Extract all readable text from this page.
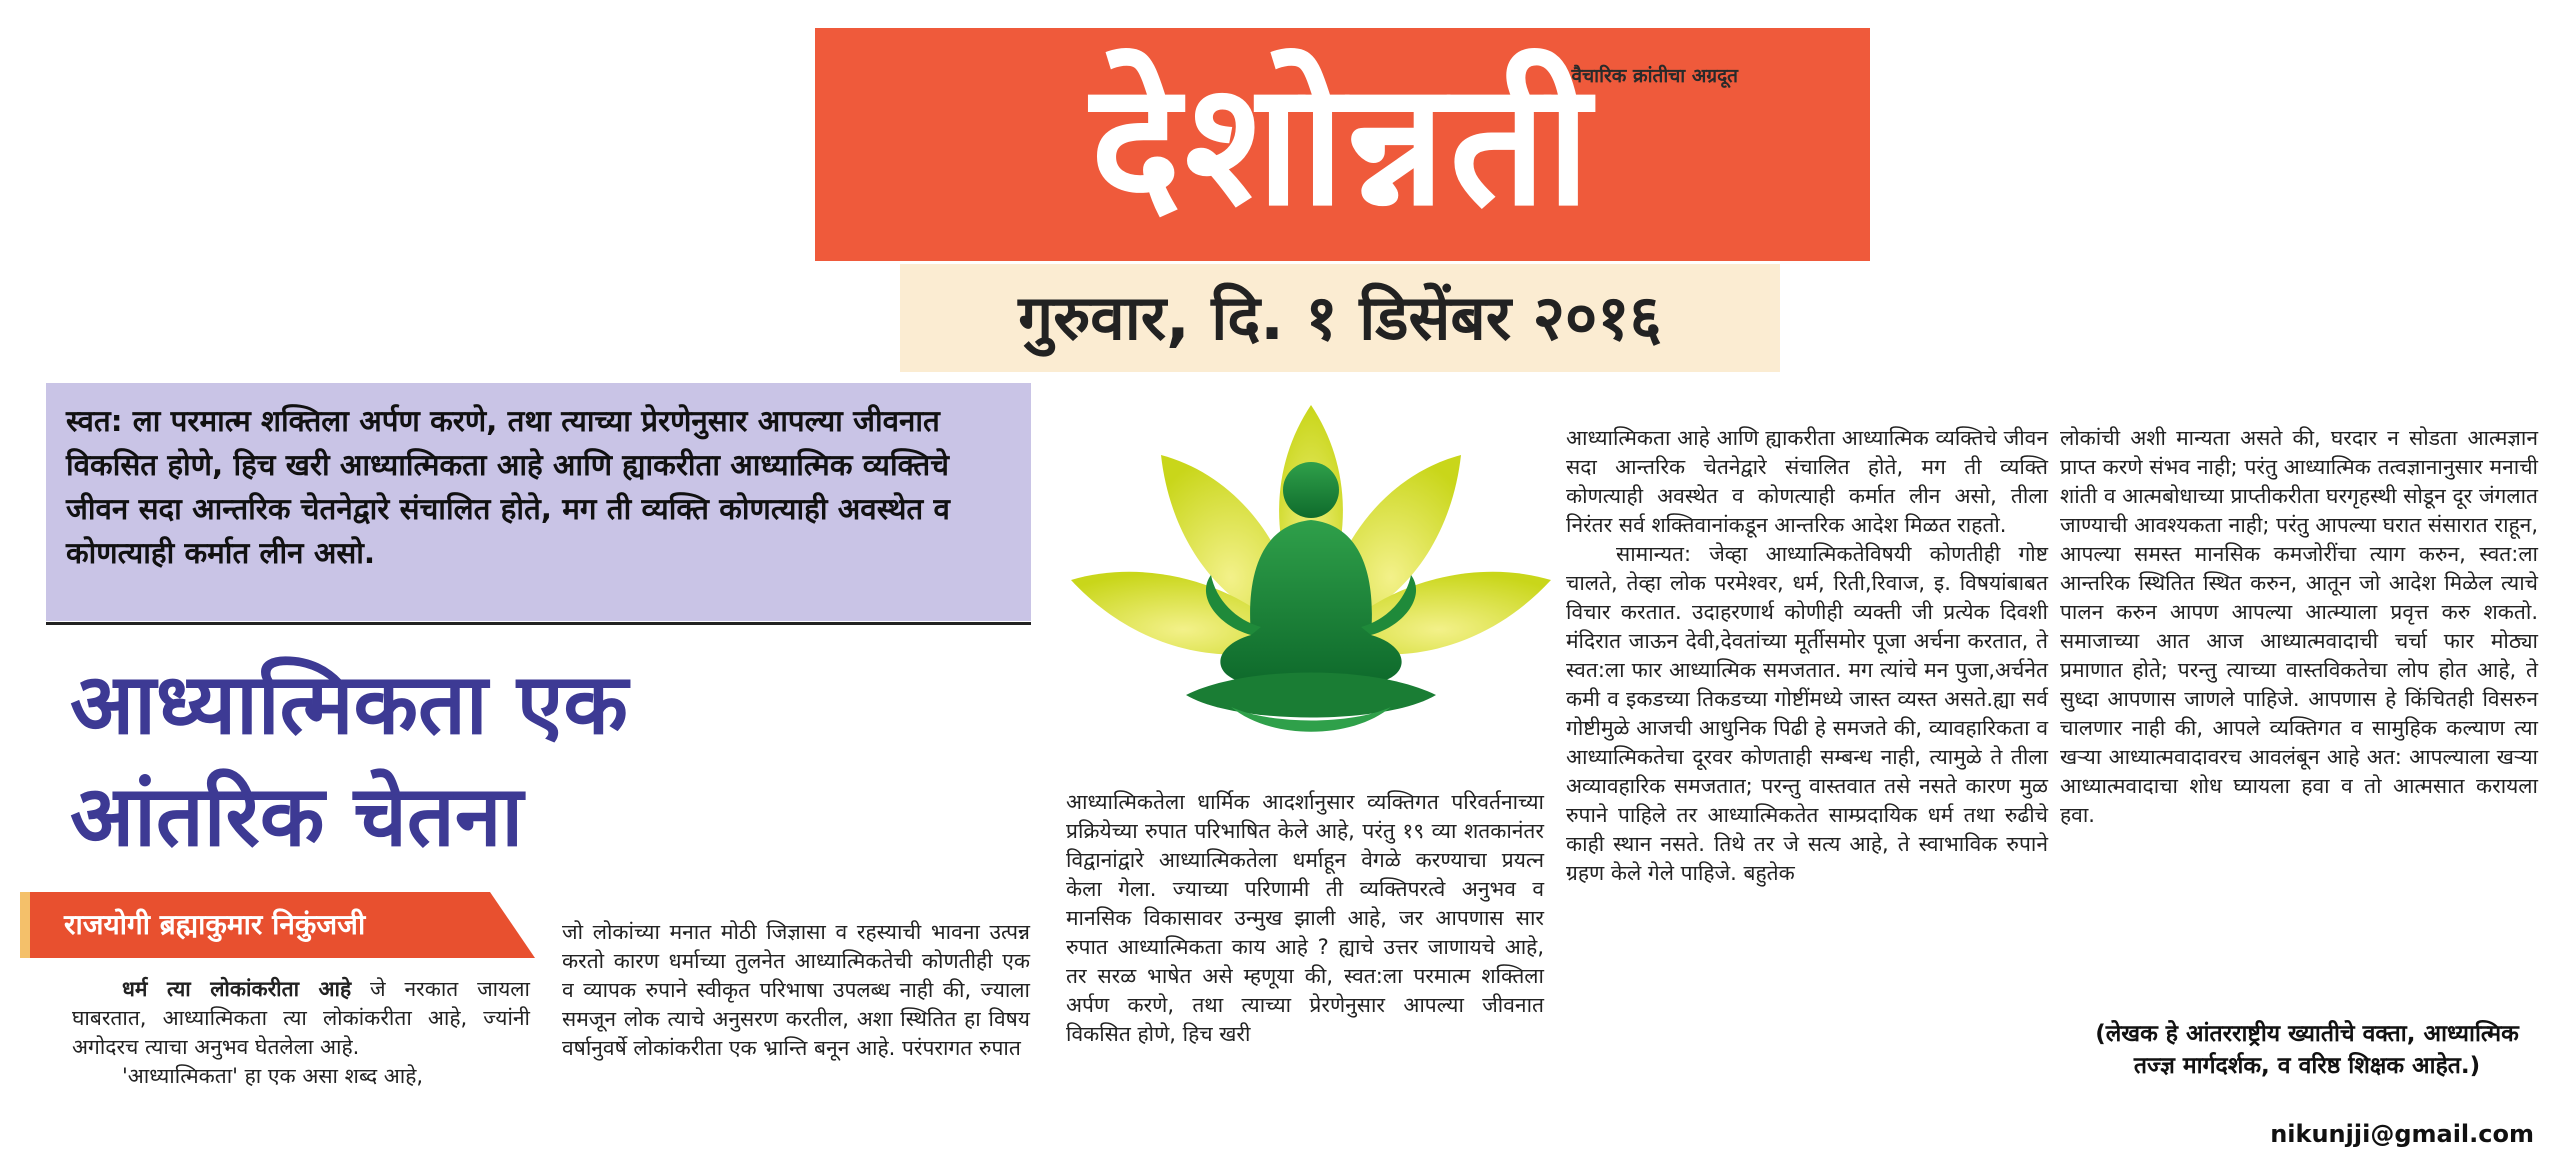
वैचारिक क्रांतीचा अग्रदूत
देशोन्नती
गुरुवार, दि. १ डिसेंबर २०१६
स्वत: ला परमात्म शक्तिला अर्पण करणे, तथा त्याच्या प्रेरणेनुसार आपल्या जीवनात विकसित होणे, हिच खरी आध्यात्मिकता आहे आणि ह्याकरीता आध्यात्मिक व्यक्तिचे जीवन सदा आन्तरिक चेतनेद्वारे संचालित होते, मग ती व्यक्ति कोणत्याही अवस्थेत व कोणत्याही कर्मात लीन असो.
आध्यात्मिकता एक
आंतरिक चेतना
राजयोगी ब्रह्माकुमार निकुंजजी

धर्म त्या लोकांकरीता आहे जे नरकात जायला घाबरतात, आध्यात्मिकता त्या लोकांकरीता आहे, ज्यांनी अगोदरच त्याचा अनुभव घेतलेला आहे.

'आध्यात्मिकता' हा एक असा शब्द आहे,

जो लोकांच्या मनात मोठी जिज्ञासा व रहस्याची भावना उत्पन्न करतो कारण धर्माच्या तुलनेत आध्यात्मिकतेची कोणतीही एक व व्यापक रुपाने स्वीकृत परिभाषा उपलब्ध नाही की, ज्याला समजून लोक त्याचे अनुसरण करतील, अशा स्थितित हा विषय वर्षानुवर्षे लोकांकरीता एक भ्रान्ति बनून आहे. परंपरागत रुपात

आध्यात्मिकतेला धार्मिक आदर्शानुसार व्यक्तिगत परिवर्तनाच्या प्रक्रियेच्या रुपात परिभाषित केले आहे, परंतु १९ व्या शतकानंतर विद्वानांद्वारे आध्यात्मिकतेला धर्माहून वेगळे करण्याचा प्रयत्न केला गेला. ज्याच्या परिणामी ती व्यक्तिपरत्वे अनुभव व मानसिक विकासावर उन्मुख झाली आहे, जर आपणास सार रुपात आध्यात्मिकता काय आहे ? ह्याचे उत्तर जाणायचे आहे, तर सरळ भाषेत असे म्हणूया की, स्वत:ला परमात्म शक्तिला अर्पण करणे, तथा त्याच्या प्रेरणेनुसार आपल्या जीवनात विकसित होणे, हिच खरी

आध्यात्मिकता आहे आणि ह्याकरीता आध्यात्मिक व्यक्तिचे जीवन सदा आन्तरिक चेतनेद्वारे संचालित होते, मग ती व्यक्ति कोणत्याही अवस्थेत व कोणत्याही कर्मात लीन असो, तीला निरंतर सर्व शक्तिवानांकडून आन्तरिक आदेश मिळत राहतो.

सामान्यत: जेव्हा आध्यात्मिकतेविषयी कोणतीही गोष्ट चालते, तेव्हा लोक परमेश्वर, धर्म, रिती,रिवाज, इ. विषयांबाबत विचार करतात. उदाहरणार्थ कोणीही व्यक्ती जी प्रत्येक दिवशी मंदिरात जाऊन देवी,देवतांच्या मूर्तीसमोर पूजा अर्चना करतात, ते स्वत:ला फार आध्यात्मिक समजतात. मग त्यांचे मन पुजा,अर्चनेत कमी व इकडच्या तिकडच्या गोष्टींमध्ये जास्त व्यस्त असते.ह्या सर्व गोष्टीमुळे आजची आधुनिक पिढी हे समजते की, व्यावहारिकता व आध्यात्मिकतेचा दूरवर कोणताही सम्बन्ध नाही, त्यामुळे ते तीला अव्यावहारिक समजतात; परन्तु वास्तवात तसे नसते कारण मुळ रुपाने पाहिले तर आध्यात्मिकतेत साम्प्रदायिक धर्म तथा रुढीचे काही स्थान नसते. तिथे तर जे सत्य आहे, ते स्वाभाविक रुपाने ग्रहण केले गेले पाहिजे. बहुतेक

लोकांची अशी मान्यता असते की, घरदार न सोडता आत्मज्ञान प्राप्त करणे संभव नाही; परंतु आध्यात्मिक तत्वज्ञानानुसार मनाची शांती व आत्मबोधाच्या प्राप्तीकरीता घरगृहस्थी सोडून दूर जंगलात जाण्याची आवश्यकता नाही; परंतु आपल्या घरात संसारात राहून, आपल्या समस्त मानसिक कमजोरींचा त्याग करुन, स्वत:ला आन्तरिक स्थितित स्थित करुन, आतून जो आदेश मिळेल त्याचे पालन करुन आपण आपल्या आत्म्याला प्रवृत्त करु शकतो. समाजाच्या आत आज आध्यात्मवादाची चर्चा फार मोठ्या प्रमाणात होते; परन्तु त्याच्या वास्तविकतेचा लोप होत आहे, ते सुध्दा आपणास जाणले पाहिजे. आपणास हे किंचितही विसरुन चालणार नाही की, आपले व्यक्तिगत व सामुहिक कल्याण त्या खऱ्या आध्यात्मवादावरच आवलंबून आहे अत: आपल्याला खऱ्या आध्यात्मवादाचा शोध घ्यायला हवा व तो आत्मसात करायला हवा.

(लेखक हे आंतरराष्ट्रीय ख्यातीचे वक्ता, आध्यात्मिक तज्ज्ञ मार्गदर्शक, व वरिष्ठ शिक्षक आहेत.)
nikunjji@gmail.com
